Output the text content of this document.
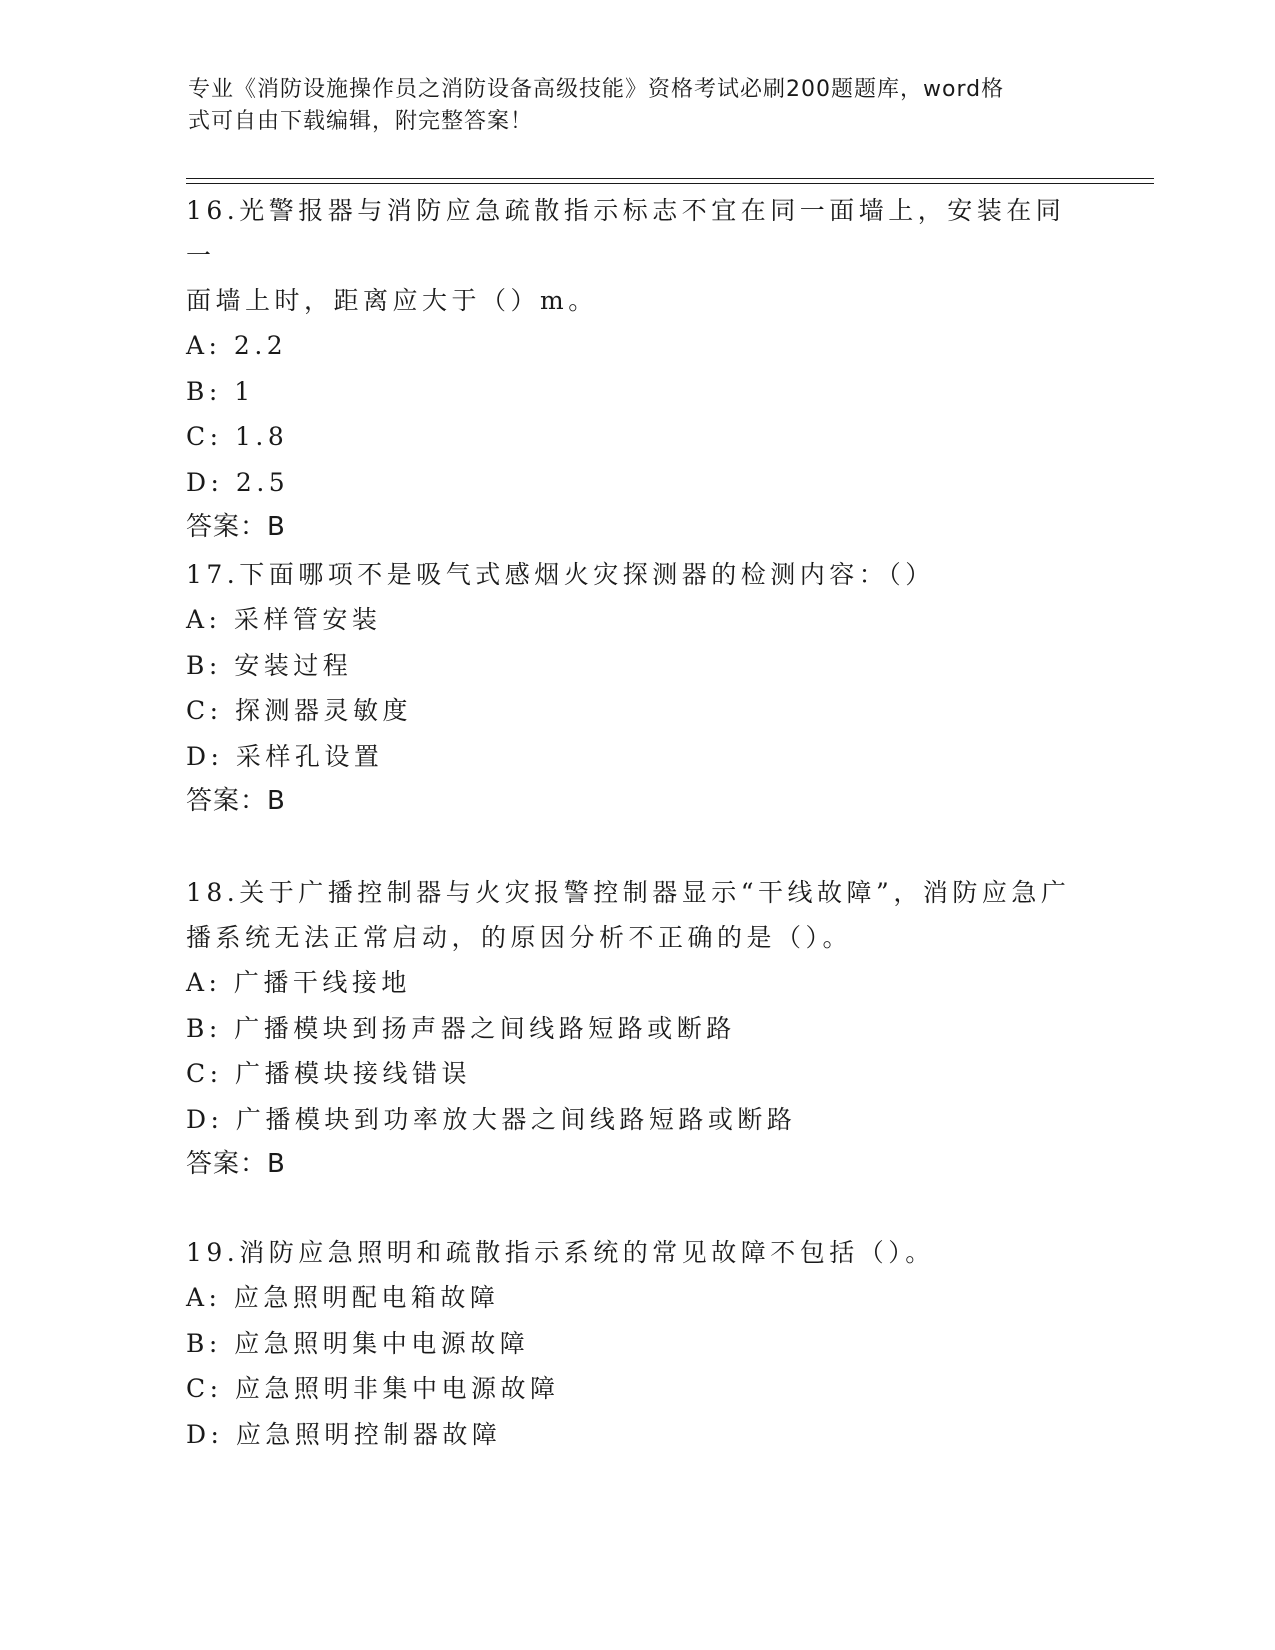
专业《消防设施操作员之消防设备高级技能》资格考试必刷200题题库，word格
式可自由下载编辑，附完整答案！
16.光警报器与消防应急疏散指示标志不宜在同一面墙上，安装在同一
面墙上时，距离应大于（）m。
A: 2.2
B: 1
C: 1.8
D: 2.5
答案：B
17.下面哪项不是吸气式感烟火灾探测器的检测内容：（）
A: 采样管安装
B: 安装过程
C: 探测器灵敏度
D: 采样孔设置
答案：B
18.关于广播控制器与火灾报警控制器显示“干线故障”，消防应急广
播系统无法正常启动，的原因分析不正确的是（）。
A: 广播干线接地
B: 广播模块到扬声器之间线路短路或断路
C: 广播模块接线错误
D: 广播模块到功率放大器之间线路短路或断路
答案：B
19.消防应急照明和疏散指示系统的常见故障不包括（）。
A: 应急照明配电箱故障
B: 应急照明集中电源故障
C: 应急照明非集中电源故障
D: 应急照明控制器故障
